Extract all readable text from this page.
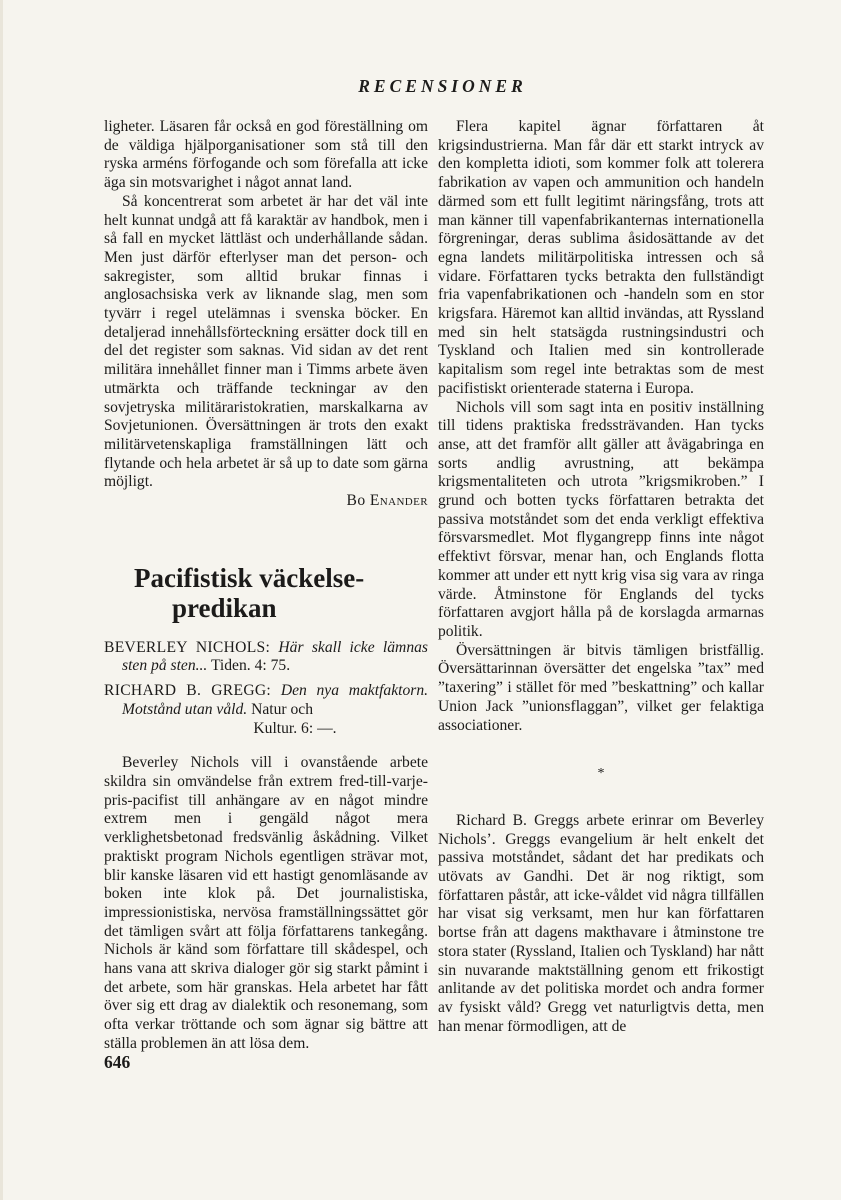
RECENSIONER

ligheter. Läsaren får också en god föreställning om de väldiga hjälporganisationer som stå till den ryska arméns förfogande och som förefalla att icke äga sin motsvarighet i något annat land.

Så koncentrerat som arbetet är har det väl inte helt kunnat undgå att få karaktär av handbok, men i så fall en mycket lättläst och underhållande sådan. Men just därför efterlyser man det person- och sakregister, som alltid brukar finnas i anglosachsiska verk av liknande slag, men som tyvärr i regel utelämnas i svenska böcker. En detaljerad innehållsförteckning ersätter dock till en del det register som saknas. Vid sidan av det rent militära innehållet finner man i Timms arbete även utmärkta och träffande teckningar av den sovjetryska militäraristokratien, marskalkarna av Sovjetunionen. Översättningen är trots den exakt militärvetenskapliga framställningen lätt och flytande och hela arbetet är så up to date som gärna möjligt.

Bo Enander

Pacifistisk väckelse-
predikan

BEVERLEY NICHOLS: Här skall icke lämnas sten på sten... Tiden. 4: 75.

RICHARD B. GREGG: Den nya maktfaktorn. Motstånd utan våld. Natur och
Kultur. 6: —.

Beverley Nichols vill i ovanstående arbete skildra sin omvändelse från extrem fred-till-varje-pris-pacifist till anhängare av en något mindre extrem men i gengäld något mera verklighetsbetonad fredsvänlig åskådning. Vilket praktiskt program Nichols egentligen strävar mot, blir kanske läsaren vid ett hastigt genomläsande av boken inte klok på. Det journalistiska, impressionistiska, nervösa framställningssättet gör det tämligen svårt att följa författarens tankegång. Nichols är känd som författare till skådespel, och hans vana att skriva dialoger gör sig starkt påmint i det arbete, som här granskas. Hela arbetet har fått över sig ett drag av dialektik och resonemang, som ofta verkar tröttande och som ägnar sig bättre att ställa problemen än att lösa dem.

Flera kapitel ägnar författaren åt krigsindustrierna. Man får där ett starkt intryck av den kompletta idioti, som kommer folk att tolerera fabrikation av vapen och ammunition och handeln därmed som ett fullt legitimt näringsfång, trots att man känner till vapenfabrikanternas internationella förgreningar, deras sublima åsidosättande av det egna landets militärpolitiska intressen och så vidare. Författaren tycks betrakta den fullständigt fria vapenfabrikationen och -handeln som en stor krigsfara. Häremot kan alltid invändas, att Ryssland med sin helt statsägda rustningsindustri och Tyskland och Italien med sin kontrollerade kapitalism som regel inte betraktas som de mest pacifistiskt orienterade staterna i Europa.

Nichols vill som sagt inta en positiv inställning till tidens praktiska fredssträvanden. Han tycks anse, att det framför allt gäller att åvägabringa en sorts andlig avrustning, att bekämpa krigsmentaliteten och utrota ”krigsmikroben.” I grund och botten tycks författaren betrakta det passiva motståndet som det enda verkligt effektiva försvarsmedlet. Mot flygangrepp finns inte något effektivt försvar, menar han, och Englands flotta kommer att under ett nytt krig visa sig vara av ringa värde. Åtminstone för Englands del tycks författaren avgjort hålla på de korslagda armarnas politik.

Översättningen är bitvis tämligen bristfällig. Översättarinnan översätter det engelska ”tax” med ”taxering” i stället för med ”beskattning” och kallar Union Jack ”unionsflaggan”, vilket ger felaktiga associationer.

*

Richard B. Greggs arbete erinrar om Beverley Nichols’. Greggs evangelium är helt enkelt det passiva motståndet, sådant det har predikats och utövats av Gandhi. Det är nog riktigt, som författaren påstår, att icke-våldet vid några tillfällen har visat sig verksamt, men hur kan författaren bortse från att dagens makthavare i åtminstone tre stora stater (Ryssland, Italien och Tyskland) har nått sin nuvarande maktställning genom ett frikostigt anlitande av det politiska mordet och andra former av fysiskt våld? Gregg vet naturligtvis detta, men han menar förmodligen, att de

646
